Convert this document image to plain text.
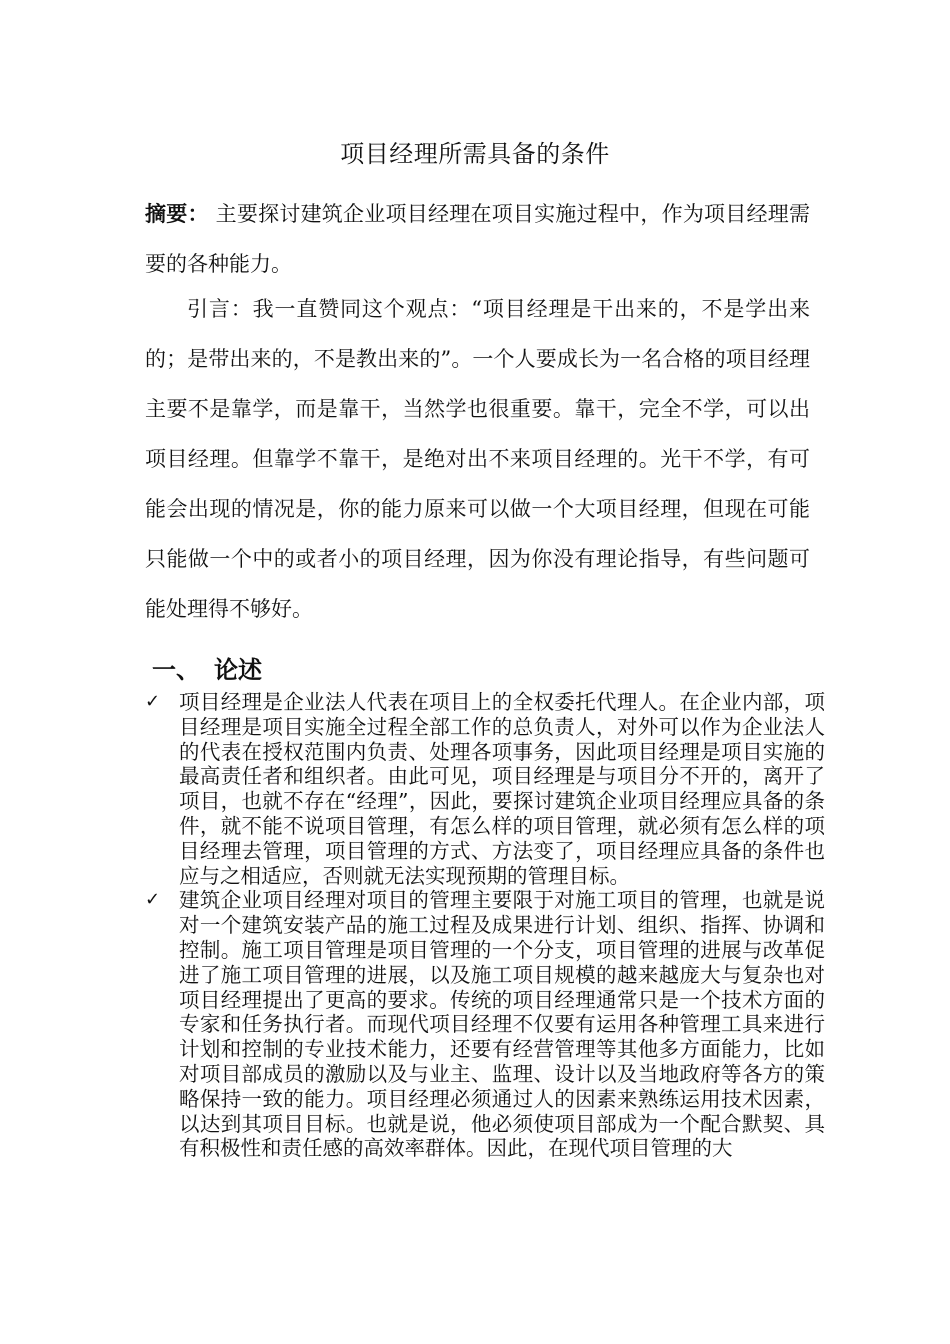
项目经理所需具备的条件

摘要： 主要探讨建筑企业项目经理在项目实施过程中，作为项目经理需要的各种能力。

引言：我一直赞同这个观点：“项目经理是干出来的，不是学出来的；是带出来的，不是教出来的”。一个人要成长为一名合格的项目经理主要不是靠学，而是靠干，当然学也很重要。靠干，完全不学，可以出项目经理。但靠学不靠干，是绝对出不来项目经理的。光干不学，有可能会出现的情况是，你的能力原来可以做一个大项目经理，但现在可能只能做一个中的或者小的项目经理，因为你没有理论指导，有些问题可能处理得不够好。

一、 论述
✓ 项目经理是企业法人代表在项目上的全权委托代理人。在企业内部，项目经理是项目实施全过程全部工作的总负责人，对外可以作为企业法人的代表在授权范围内负责、处理各项事务，因此项目经理是项目实施的最高责任者和组织者。由此可见，项目经理是与项目分不开的，离开了项目，也就不存在“经理”，因此，要探讨建筑企业项目经理应具备的条件，就不能不说项目管理，有怎么样的项目管理，就必须有怎么样的项目经理去管理，项目管理的方式、方法变了，项目经理应具备的条件也应与之相适应，否则就无法实现预期的管理目标。
✓ 建筑企业项目经理对项目的管理主要限于对施工项目的管理，也就是说对一个建筑安装产品的施工过程及成果进行计划、组织、指挥、协调和控制。施工项目管理是项目管理的一个分支，项目管理的进展与改革促进了施工项目管理的进展，以及施工项目规模的越来越庞大与复杂也对项目经理提出了更高的要求。传统的项目经理通常只是一个技术方面的专家和任务执行者。而现代项目经理不仅要有运用各种管理工具来进行计划和控制的专业技术能力，还要有经营管理等其他多方面能力，比如对项目部成员的激励以及与业主、监理、设计以及当地政府等各方的策略保持一致的能力。项目经理必须通过人的因素来熟练运用技术因素，以达到其项目目标。也就是说，他必须使项目部成为一个配合默契、具有积极性和责任感的高效率群体。因此，在现代项目管理的大
